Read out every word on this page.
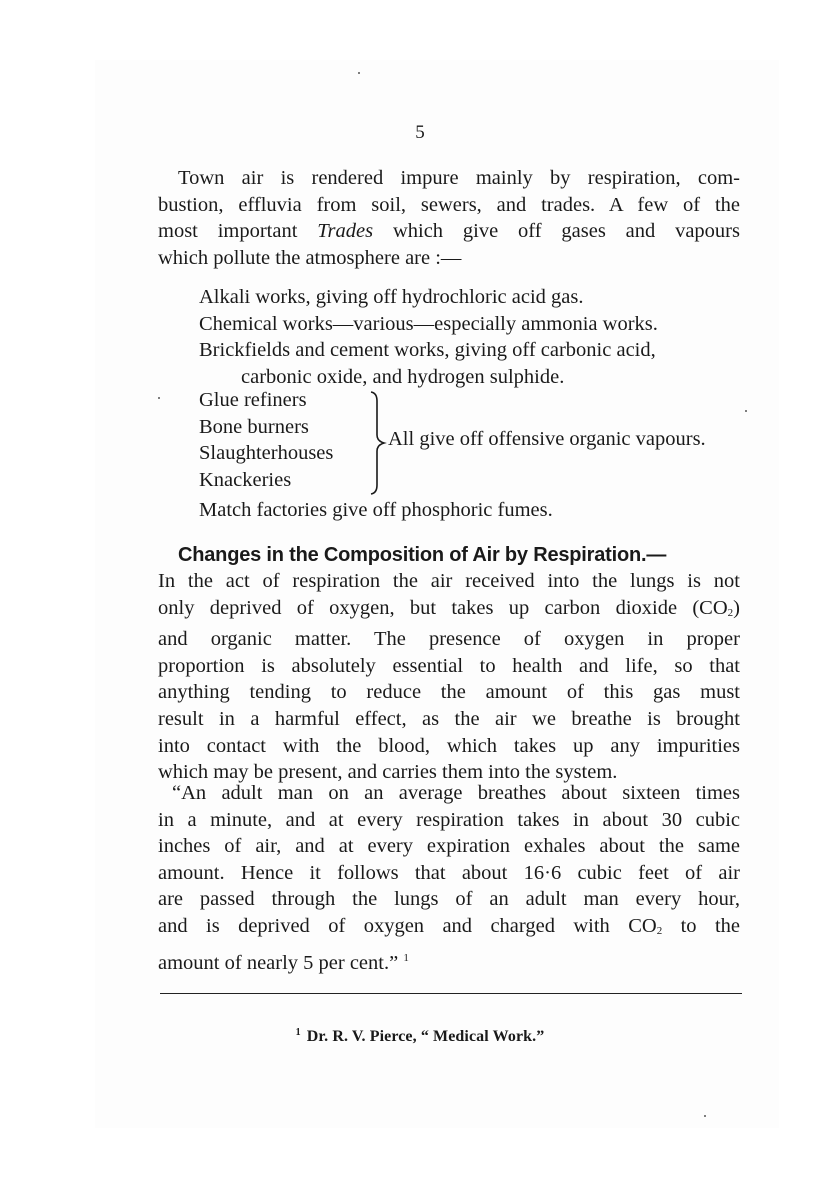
5
Town air is rendered impure mainly by respiration, com-
bustion, effluvia from soil, sewers, and trades. A few of the
most important Trades which give off gases and vapours
which pollute the atmosphere are :—
Alkali works, giving off hydrochloric acid gas.
Chemical works—various—especially ammonia works.
Brickfields and cement works, giving off carbonic acid,
carbonic oxide, and hydrogen sulphide.
Glue refiners
Bone burners
Slaughterhouses
Knackeries
All give off offensive organic vapours.
Match factories give off phosphoric fumes.
Changes in the Composition of Air by Respiration.—
In the act of respiration the air received into the lungs is not
only deprived of oxygen, but takes up carbon dioxide $(CO_2)$
and organic matter. The presence of oxygen in proper
proportion is absolutely essential to health and life, so that
anything tending to reduce the amount of this gas must
result in a harmful effect, as the air we breathe is brought
into contact with the blood, which takes up any impurities
which may be present, and carries them into the system.
“An adult man on an average breathes about sixteen times
in a minute, and at every respiration takes in about 30 cubic
inches of air, and at every expiration exhales about the same
amount. Hence it follows that about 16·6 cubic feet of air
are passed through the lungs of an adult man every hour,
and is deprived of oxygen and charged with $CO_2$ to the
amount of nearly 5 per cent.” $^1$
$^1$ Dr. R. V. Pierce, “ Medical Work.”
